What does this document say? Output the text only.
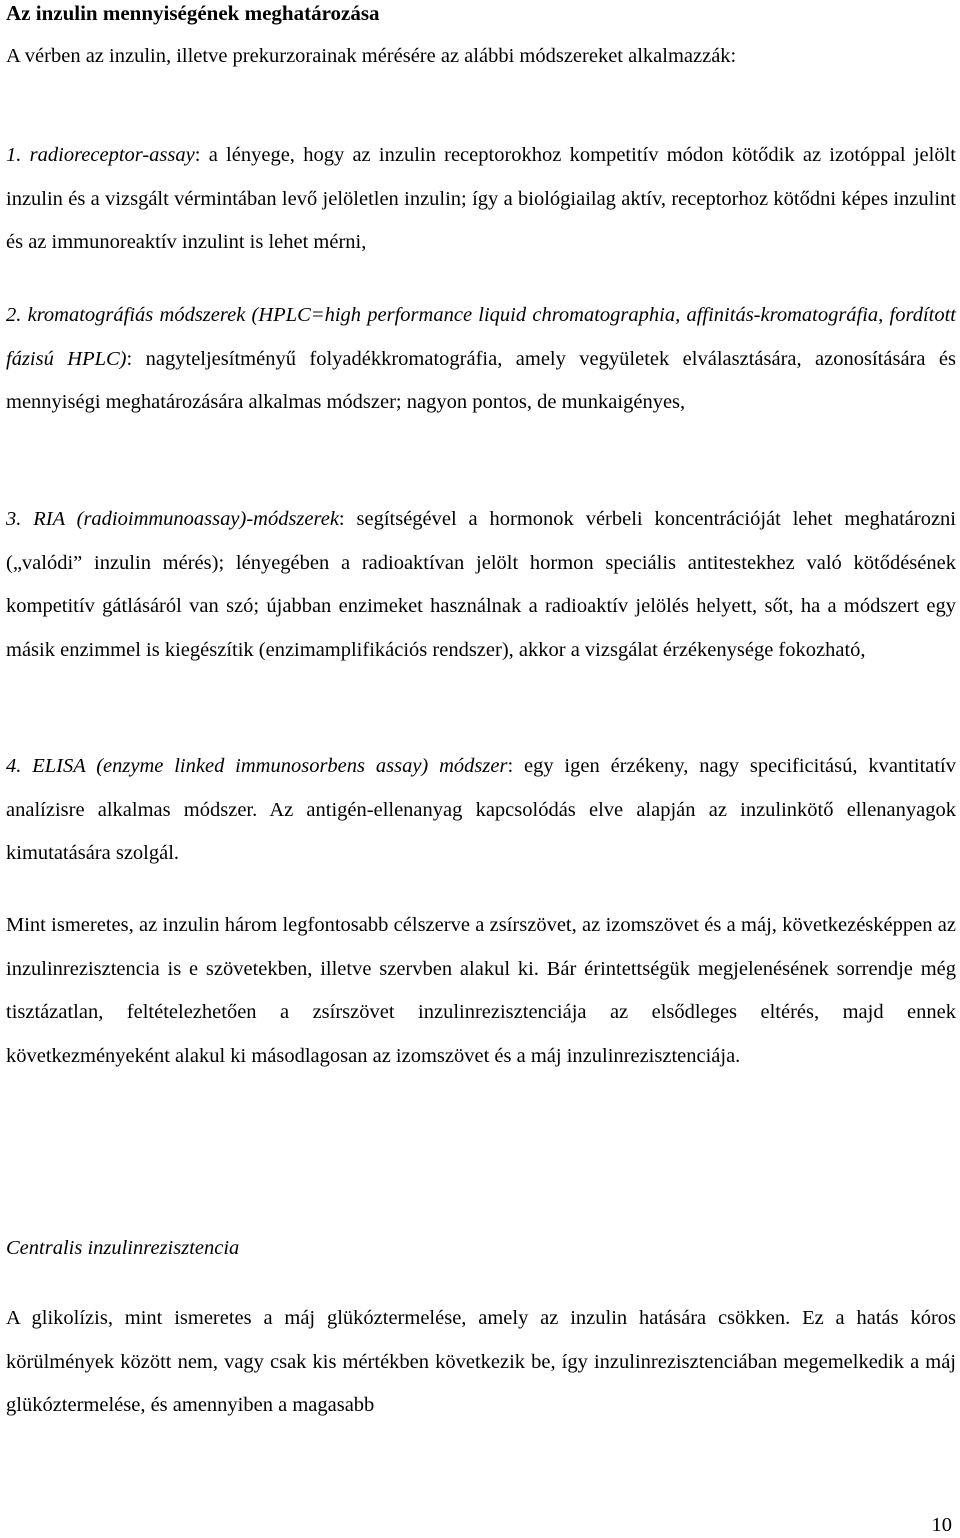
Az inzulin mennyiségének meghatározása

A vérben az inzulin, illetve prekurzorainak mérésére az alábbi módszereket alkalmazzák:

1. radioreceptor-assay: a lényege, hogy az inzulin receptorokhoz kompetitív módon kötődik az izotóppal jelölt inzulin és a vizsgált vérmintában levő jelöletlen inzulin; így a biológiailag aktív, receptorhoz kötődni képes inzulint és az immunoreaktív inzulint is lehet mérni,

2. kromatográfiás módszerek (HPLC=high performance liquid chromatographia, affinitás-kromatográfia, fordított fázisú HPLC): nagyteljesítményű folyadékkromatográfia, amely vegyületek elválasztására, azonosítására és mennyiségi meghatározására alkalmas módszer; nagyon pontos, de munkaigényes,

3. RIA (radioimmunoassay)-módszerek: segítségével a hormonok vérbeli koncentrációját lehet meghatározni („valódi” inzulin mérés); lényegében a radioaktívan jelölt hormon speciális antitestekhez való kötődésének kompetitív gátlásáról van szó; újabban enzimeket használnak a radioaktív jelölés helyett, sőt, ha a módszert egy másik enzimmel is kiegészítik (enzimamplifikációs rendszer), akkor a vizsgálat érzékenysége fokozható,

4. ELISA (enzyme linked immunosorbens assay) módszer: egy igen érzékeny, nagy specificitású, kvantitatív analízisre alkalmas módszer. Az antigén-ellenanyag kapcsolódás elve alapján az inzulinkötő ellenanyagok kimutatására szolgál.

Mint ismeretes, az inzulin három legfontosabb célszerve a zsírszövet, az izomszövet és a máj, következésképpen az inzulinrezisztencia is e szövetekben, illetve szervben alakul ki. Bár érintettségük megjelenésének sorrendje még tisztázatlan, feltételezhetően a zsírszövet inzulinrezisztenciája az elsődleges eltérés, majd ennek következményeként alakul ki másodlagosan az izomszövet és a máj inzulinrezisztenciája.

Centralis inzulinrezisztencia

A glikolízis, mint ismeretes a máj glükóztermelése, amely az inzulin hatására csökken. Ez a hatás kóros körülmények között nem, vagy csak kis mértékben következik be, így inzulinrezisztenciában megemelkedik a máj glükóztermelése, és amennyiben a magasabb

10
